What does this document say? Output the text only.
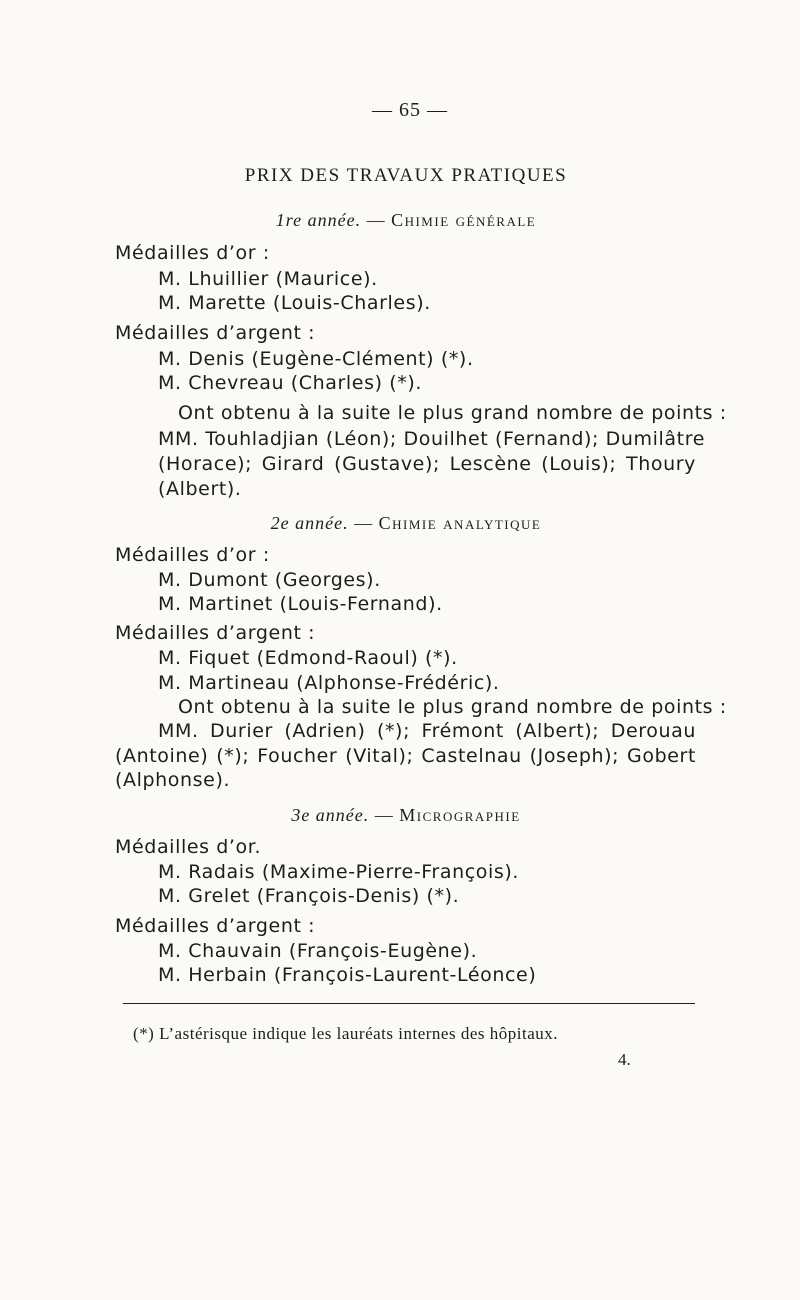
— 65 —
PRIX DES TRAVAUX PRATIQUES
1re année. — Chimie générale
Médailles d’or :
M. Lhuillier (Maurice).
M. Marette (Louis-Charles).
Médailles d’argent :
M. Denis (Eugène-Clément) (*).
M. Chevreau (Charles) (*).
Ont obtenu à la suite le plus grand nombre de points :
MM. Touhladjian (Léon); Douilhet (Fernand); Dumilâtre
(Horace); Girard (Gustave); Lescène (Louis); Thoury
(Albert).
2e année. — Chimie analytique
Médailles d’or :
M. Dumont (Georges).
M. Martinet (Louis-Fernand).
Médailles d’argent :
M. Fiquet (Edmond-Raoul) (*).
M. Martineau (Alphonse-Frédéric).
Ont obtenu à la suite le plus grand nombre de points :
MM. Durier (Adrien) (*); Frémont (Albert); Derouau
(Antoine) (*); Foucher (Vital); Castelnau (Joseph); Gobert
(Alphonse).
3e année. — Micrographie
Médailles d’or.
M. Radais (Maxime-Pierre-François).
M. Grelet (François-Denis) (*).
Médailles d’argent :
M. Chauvain (François-Eugène).
M. Herbain (François-Laurent-Léonce)
(*) L’astérisque indique les lauréats internes des hôpitaux.
4.
